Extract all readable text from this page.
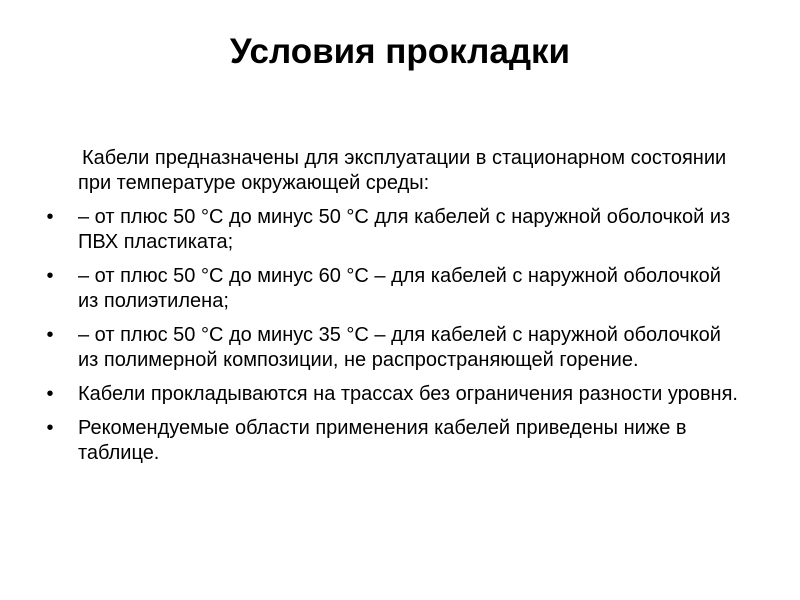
Условия прокладки

Кабели предназначены для эксплуатации в стационарном состоянии при температуре окружающей среды:

•
– от плюс 50 °С до минус 50 °С для кабелей с наружной оболочкой из ПВХ пластиката;
•
– от плюс 50 °С до минус 60 °С – для кабелей с наружной оболочкой из полиэтилена;
•
– от плюс 50 °С до минус 35 °С – для кабелей с наружной оболочкой из полимерной композиции, не распространяющей горение.
•
Кабели прокладываются на трассах без ограничения разности уровня.
•
Рекомендуемые области применения кабелей приведены ниже в таблице.
